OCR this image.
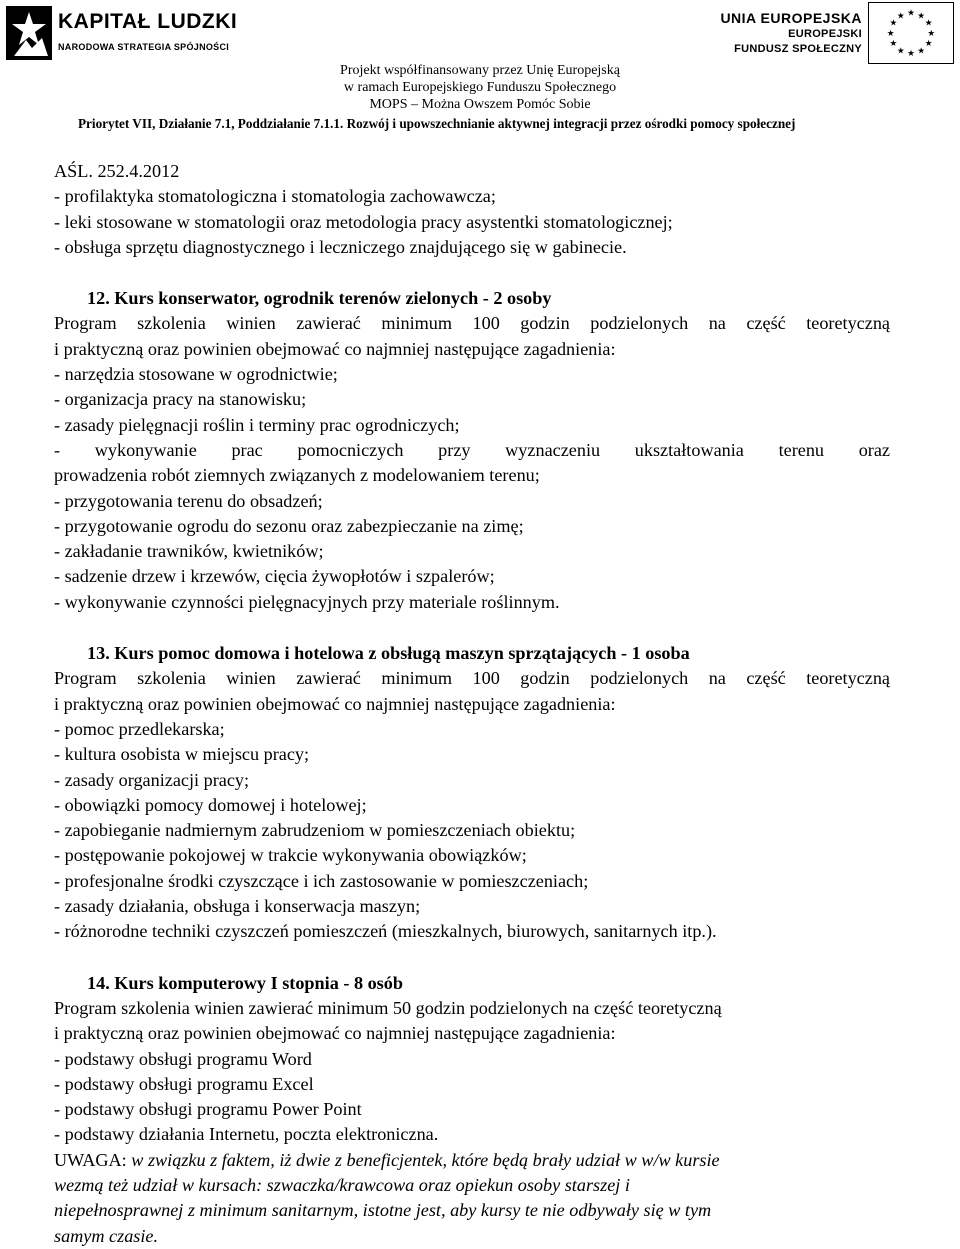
KAPITAŁ LUDZKI
NARODOWA STRATEGIA SPÓJNOŚCI
UNIA EUROPEJSKA
EUROPEJSKI
FUNDUSZ SPOŁECZNY
★
★
★
★
★
★
★
★
★ ★ ★
★
Projekt współfinansowany przez Unię Europejską
w ramach Europejskiego Funduszu Społecznego
MOPS – Można Owszem Pomóc Sobie
Priorytet VII, Działanie 7.1, Poddziałanie 7.1.1. Rozwój i upowszechnianie aktywnej integracji przez ośrodki pomocy społecznej
AŚL. 252.4.2012
- profilaktyka stomatologiczna i stomatologia zachowawcza;
- leki stosowane w stomatologii oraz metodologia pracy asystentki stomatologicznej;
- obsługa sprzętu diagnostycznego i leczniczego znajdującego się w gabinecie.
12. Kurs konserwator, ogrodnik terenów zielonych - 2 osoby
Program szkolenia winien zawierać minimum 100 godzin podzielonych na część teoretyczną
i praktyczną oraz powinien obejmować co najmniej następujące zagadnienia:
- narzędzia stosowane w ogrodnictwie;
- organizacja pracy na stanowisku;
- zasady pielęgnacji roślin i terminy prac ogrodniczych;
- wykonywanie prac pomocniczych przy wyznaczeniu ukształtowania terenu oraz
prowadzenia robót ziemnych związanych z modelowaniem terenu;
- przygotowania terenu do obsadzeń;
- przygotowanie ogrodu do sezonu oraz zabezpieczanie na zimę;
- zakładanie trawników, kwietników;
- sadzenie drzew i krzewów, cięcia żywopłotów i szpalerów;
- wykonywanie czynności pielęgnacyjnych przy materiale roślinnym.
13. Kurs pomoc domowa i hotelowa z obsługą maszyn sprzątających - 1 osoba
Program szkolenia winien zawierać minimum 100 godzin podzielonych na część teoretyczną
i praktyczną oraz powinien obejmować co najmniej następujące zagadnienia:
- pomoc przedlekarska;
- kultura osobista w miejscu pracy;
- zasady organizacji pracy;
- obowiązki pomocy domowej i hotelowej;
- zapobieganie nadmiernym zabrudzeniom w pomieszczeniach obiektu;
- postępowanie pokojowej w trakcie wykonywania obowiązków;
- profesjonalne środki czyszczące i ich zastosowanie w pomieszczeniach;
- zasady działania, obsługa i konserwacja maszyn;
- różnorodne techniki czyszczeń pomieszczeń (mieszkalnych, biurowych, sanitarnych itp.).
14. Kurs komputerowy I stopnia - 8 osób
Program szkolenia winien zawierać minimum 50 godzin podzielonych na część teoretyczną
i praktyczną oraz powinien obejmować co najmniej następujące zagadnienia:
- podstawy obsługi programu Word
- podstawy obsługi programu Excel
- podstawy obsługi programu Power Point
- podstawy działania Internetu, poczta elektroniczna.
UWAGA: w związku z faktem, iż dwie z beneficjentek, które będą brały udział w w/w kursie
wezmą też udział w kursach: szwaczka/krawcowa oraz opiekun osoby starszej i
niepełnosprawnej z minimum sanitarnym, istotne jest, aby kursy te nie odbywały się w tym
samym czasie.
